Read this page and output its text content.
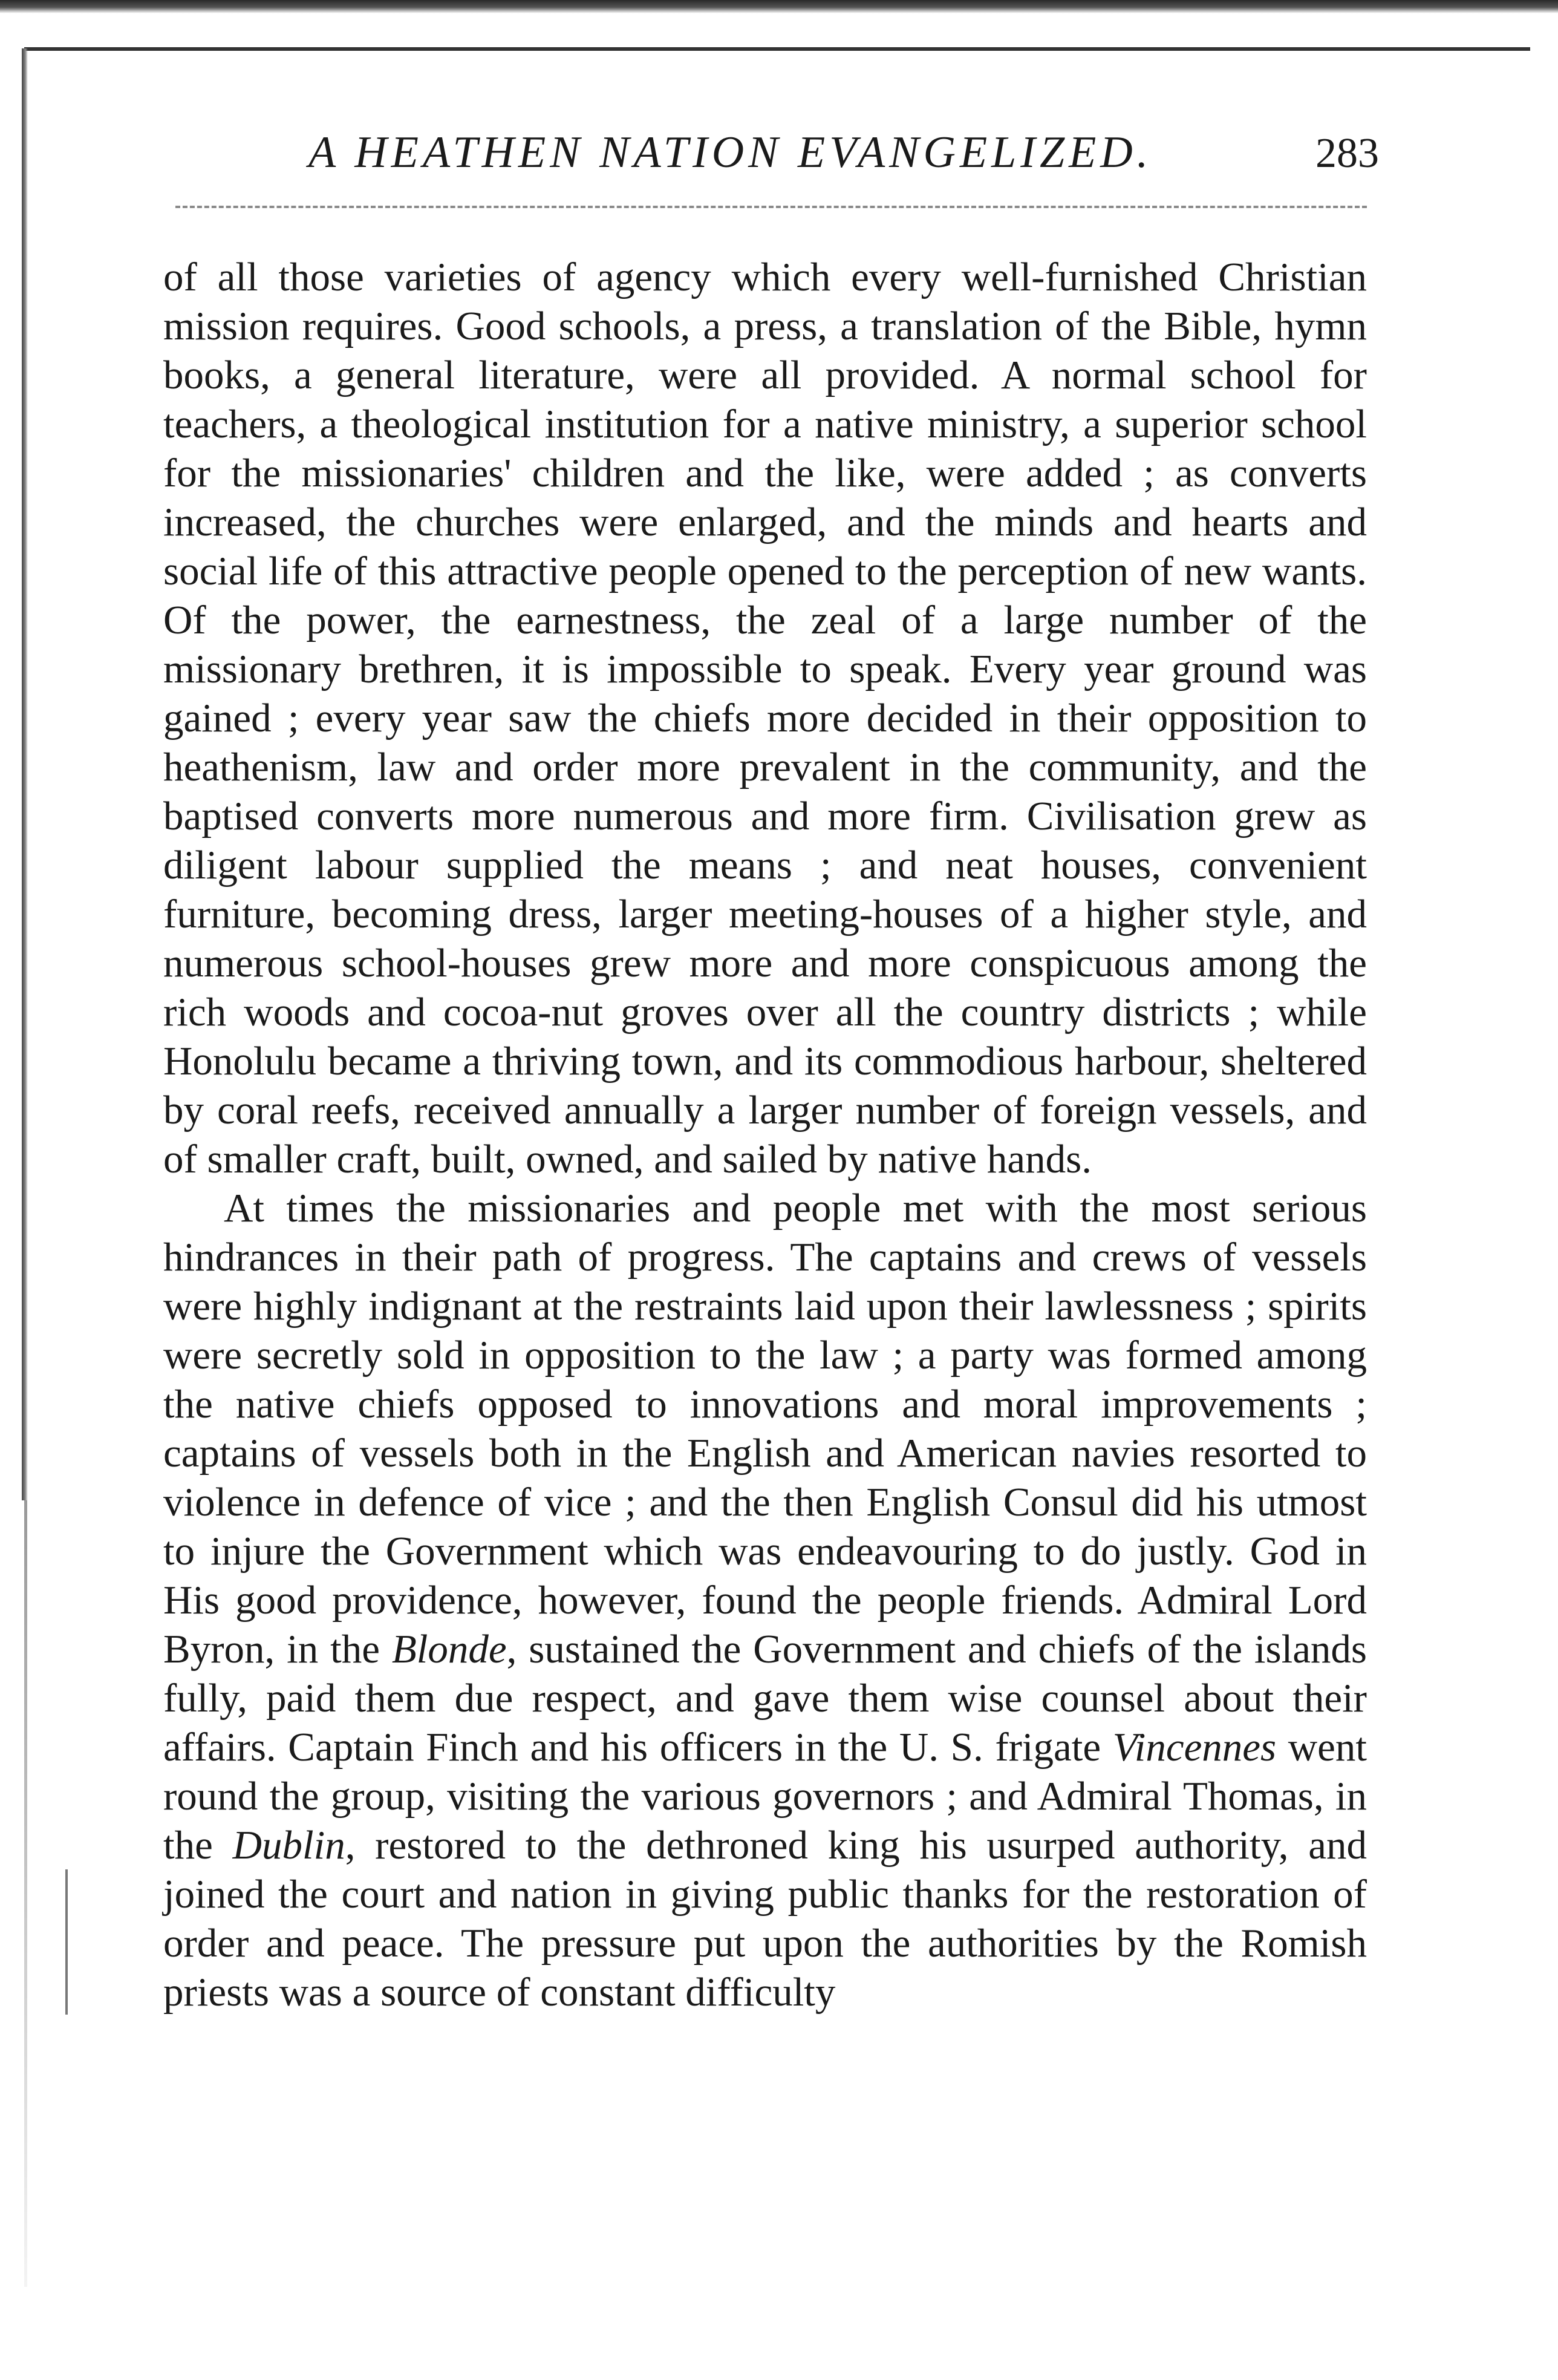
A HEATHEN NATION EVANGELIZED.	283

of all those varieties of agency which every well-furnished Christian mission requires. Good schools, a press, a translation of the Bible, hymn books, a general literature, were all provided. A normal school for teachers, a theological institution for a native ministry, a superior school for the missionaries' children and the like, were added ; as converts increased, the churches were enlarged, and the minds and hearts and social life of this attractive people opened to the perception of new wants. Of the power, the earnestness, the zeal of a large number of the missionary brethren, it is impossible to speak. Every year ground was gained ; every year saw the chiefs more decided in their opposition to heathenism, law and order more prevalent in the community, and the baptised converts more numerous and more firm. Civilisation grew as diligent labour supplied the means ; and neat houses, convenient furniture, becoming dress, larger meeting-houses of a higher style, and numerous school-houses grew more and more conspicuous among the rich woods and cocoa-nut groves over all the country districts ; while Honolulu became a thriving town, and its commodious harbour, sheltered by coral reefs, received annually a larger number of foreign vessels, and of smaller craft, built, owned, and sailed by native hands.

At times the missionaries and people met with the most serious hindrances in their path of progress. The captains and crews of vessels were highly indignant at the restraints laid upon their lawlessness ; spirits were secretly sold in opposition to the law ; a party was formed among the native chiefs opposed to innovations and moral improvements ; captains of vessels both in the English and American navies resorted to violence in defence of vice ; and the then English Consul did his utmost to injure the Government which was endeavouring to do justly. God in His good providence, however, found the people friends. Admiral Lord Byron, in the Blonde, sustained the Government and chiefs of the islands fully, paid them due respect, and gave them wise counsel about their affairs. Captain Finch and his officers in the U. S. frigate Vincennes went round the group, visiting the various governors ; and Admiral Thomas, in the Dublin, restored to the dethroned king his usurped authority, and joined the court and nation in giving public thanks for the restoration of order and peace. The pressure put upon the authorities by the Romish priests was a source of constant difficulty
